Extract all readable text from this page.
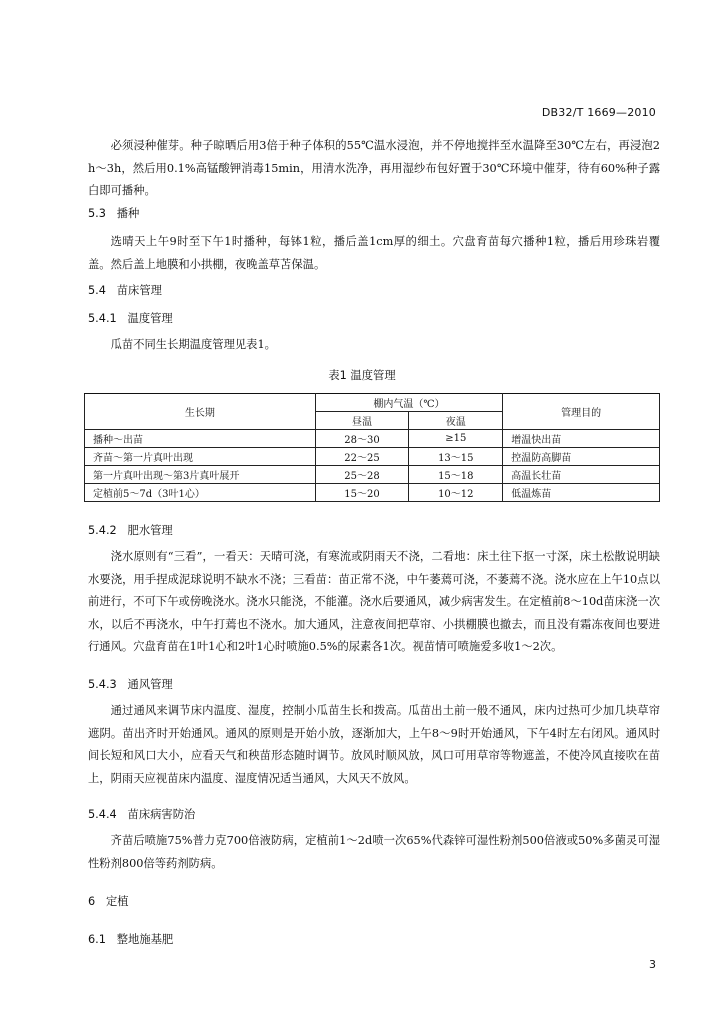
DB32/T 1669—2010

必须浸种催芽。种子晾晒后用3倍于种子体积的55℃温水浸泡，并不停地搅拌至水温降至30℃左右，再浸泡2 h～3h，然后用0.1%高锰酸钾消毒15min，用清水洗净，再用湿纱布包好置于30℃环境中催芽，待有60%种子露白即可播种。

5.3   播种

选晴天上午9时至下午1时播种，每钵1粒，播后盖1cm厚的细土。穴盘育苗每穴播种1粒，播后用珍珠岩覆盖。然后盖上地膜和小拱棚，夜晚盖草苫保温。

5.4   苗床管理
5.4.1   温度管理

瓜苗不同生长期温度管理见表1。

表1 温度管理
生长期	棚内气温（℃）		管理目的
	昼温	夜温	
播种～出苗	28～30	≥15	增温快出苗
齐苗～第一片真叶出现	22～25	13～15	控温防高脚苗
第一片真叶出现～第3片真叶展开	25～28	15～18	高温长壮苗
定植前5～7d（3叶1心）	15～20	10～12	低温炼苗
5.4.2   肥水管理

浇水原则有“三看”，一看天：天晴可浇，有寒流或阴雨天不浇，二看地：床土往下抠一寸深，床土松散说明缺水要浇，用手捏成泥球说明不缺水不浇；三看苗：苗正常不浇，中午萎蔫可浇，不萎蔫不浇。浇水应在上午10点以前进行，不可下午或傍晚浇水。浇水只能浇，不能灌。浇水后要通风，减少病害发生。在定植前8～10d苗床浇一次水，以后不再浇水，中午打蔫也不浇水。加大通风，注意夜间把草帘、小拱棚膜也撤去，而且没有霜冻夜间也要进行通风。穴盘育苗在1叶1心和2叶1心时喷施0.5%的尿素各1次。视苗情可喷施爱多收1～2次。

5.4.3   通风管理

通过通风来调节床内温度、湿度，控制小瓜苗生长和拨高。瓜苗出土前一般不通风，床内过热可少加几块草帘遮阴。苗出齐时开始通风。通风的原则是开始小放，逐渐加大，上午8～9时开始通风，下午4时左右闭风。通风时间长短和风口大小，应看天气和秧苗形态随时调节。放风时顺风放，风口可用草帘等物遮盖，不使冷风直接吹在苗上，阴雨天应视苗床内温度、湿度情况适当通风，大风天不放风。

5.4.4   苗床病害防治

齐苗后喷施75%普力克700倍液防病，定植前1～2d喷一次65%代森锌可湿性粉剂500倍液或50%多菌灵可湿性粉剂800倍等药剂防病。

6   定植
6.1   整地施基肥
3
